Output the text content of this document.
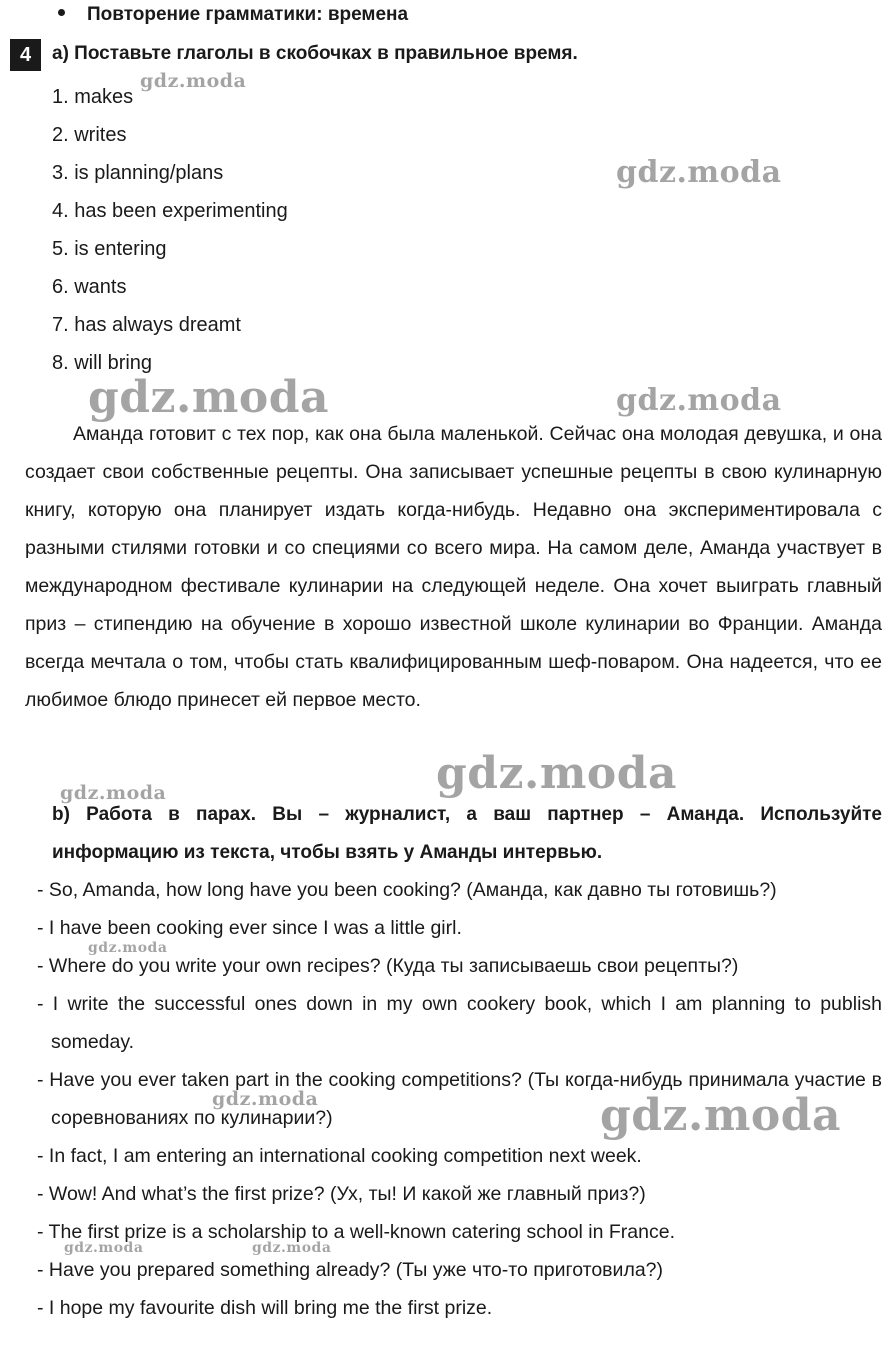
Повторение грамматики: времена
4	a) Поставьте глаголы в скобочках в правильное время.
1. makes
2. writes
3. is planning/plans
4. has been experimenting
5. is entering
6. wants
7. has always dreamt
8. will bring

Аманда готовит с тех пор, как она была маленькой. Сейчас она молодая девушка, и она создает свои собственные рецепты. Она записывает успешные рецепты в свою кулинарную книгу, которую она планирует издать когда-нибудь. Недавно она экспериментировала с разными стилями готовки и со специями со всего мира. На самом деле, Аманда участвует в международном фестивале кулинарии на следующей неделе. Она хочет выиграть главный приз – стипендию на обучение в хорошо известной школе кулинарии во Франции. Аманда всегда мечтала о том, чтобы стать квалифицированным шеф-поваром. Она надеется, что ее любимое блюдо принесет ей первое место.

b) Работа в парах. Вы – журналист, а ваш партнер – Аманда. Используйте информацию из текста, чтобы взять у Аманды интервью.

- So, Amanda, how long have you been cooking? (Аманда, как давно ты готовишь?)
- I have been cooking ever since I was a little girl.
- Where do you write your own recipes? (Куда ты записываешь свои рецепты?)
- I write the successful ones down in my own cookery book, which I am planning to publish someday.
- Have you ever taken part in the cooking competitions? (Ты когда-нибудь принимала участие в соревнованиях по кулинарии?)
- In fact, I am entering an international cooking competition next week.
- Wow! And what’s the first prize? (Ух, ты! И какой же главный приз?)
- The first prize is a scholarship to a well-known catering school in France.
- Have you prepared something already? (Ты уже что-то приготовила?)
- I hope my favourite dish will bring me the first prize.
gdz.moda
gdz.moda
gdz.moda	gdz.moda
gdz.moda
gdz.moda
gdz.moda
gdz.moda	gdz.moda
gdz.moda	gdz.moda
